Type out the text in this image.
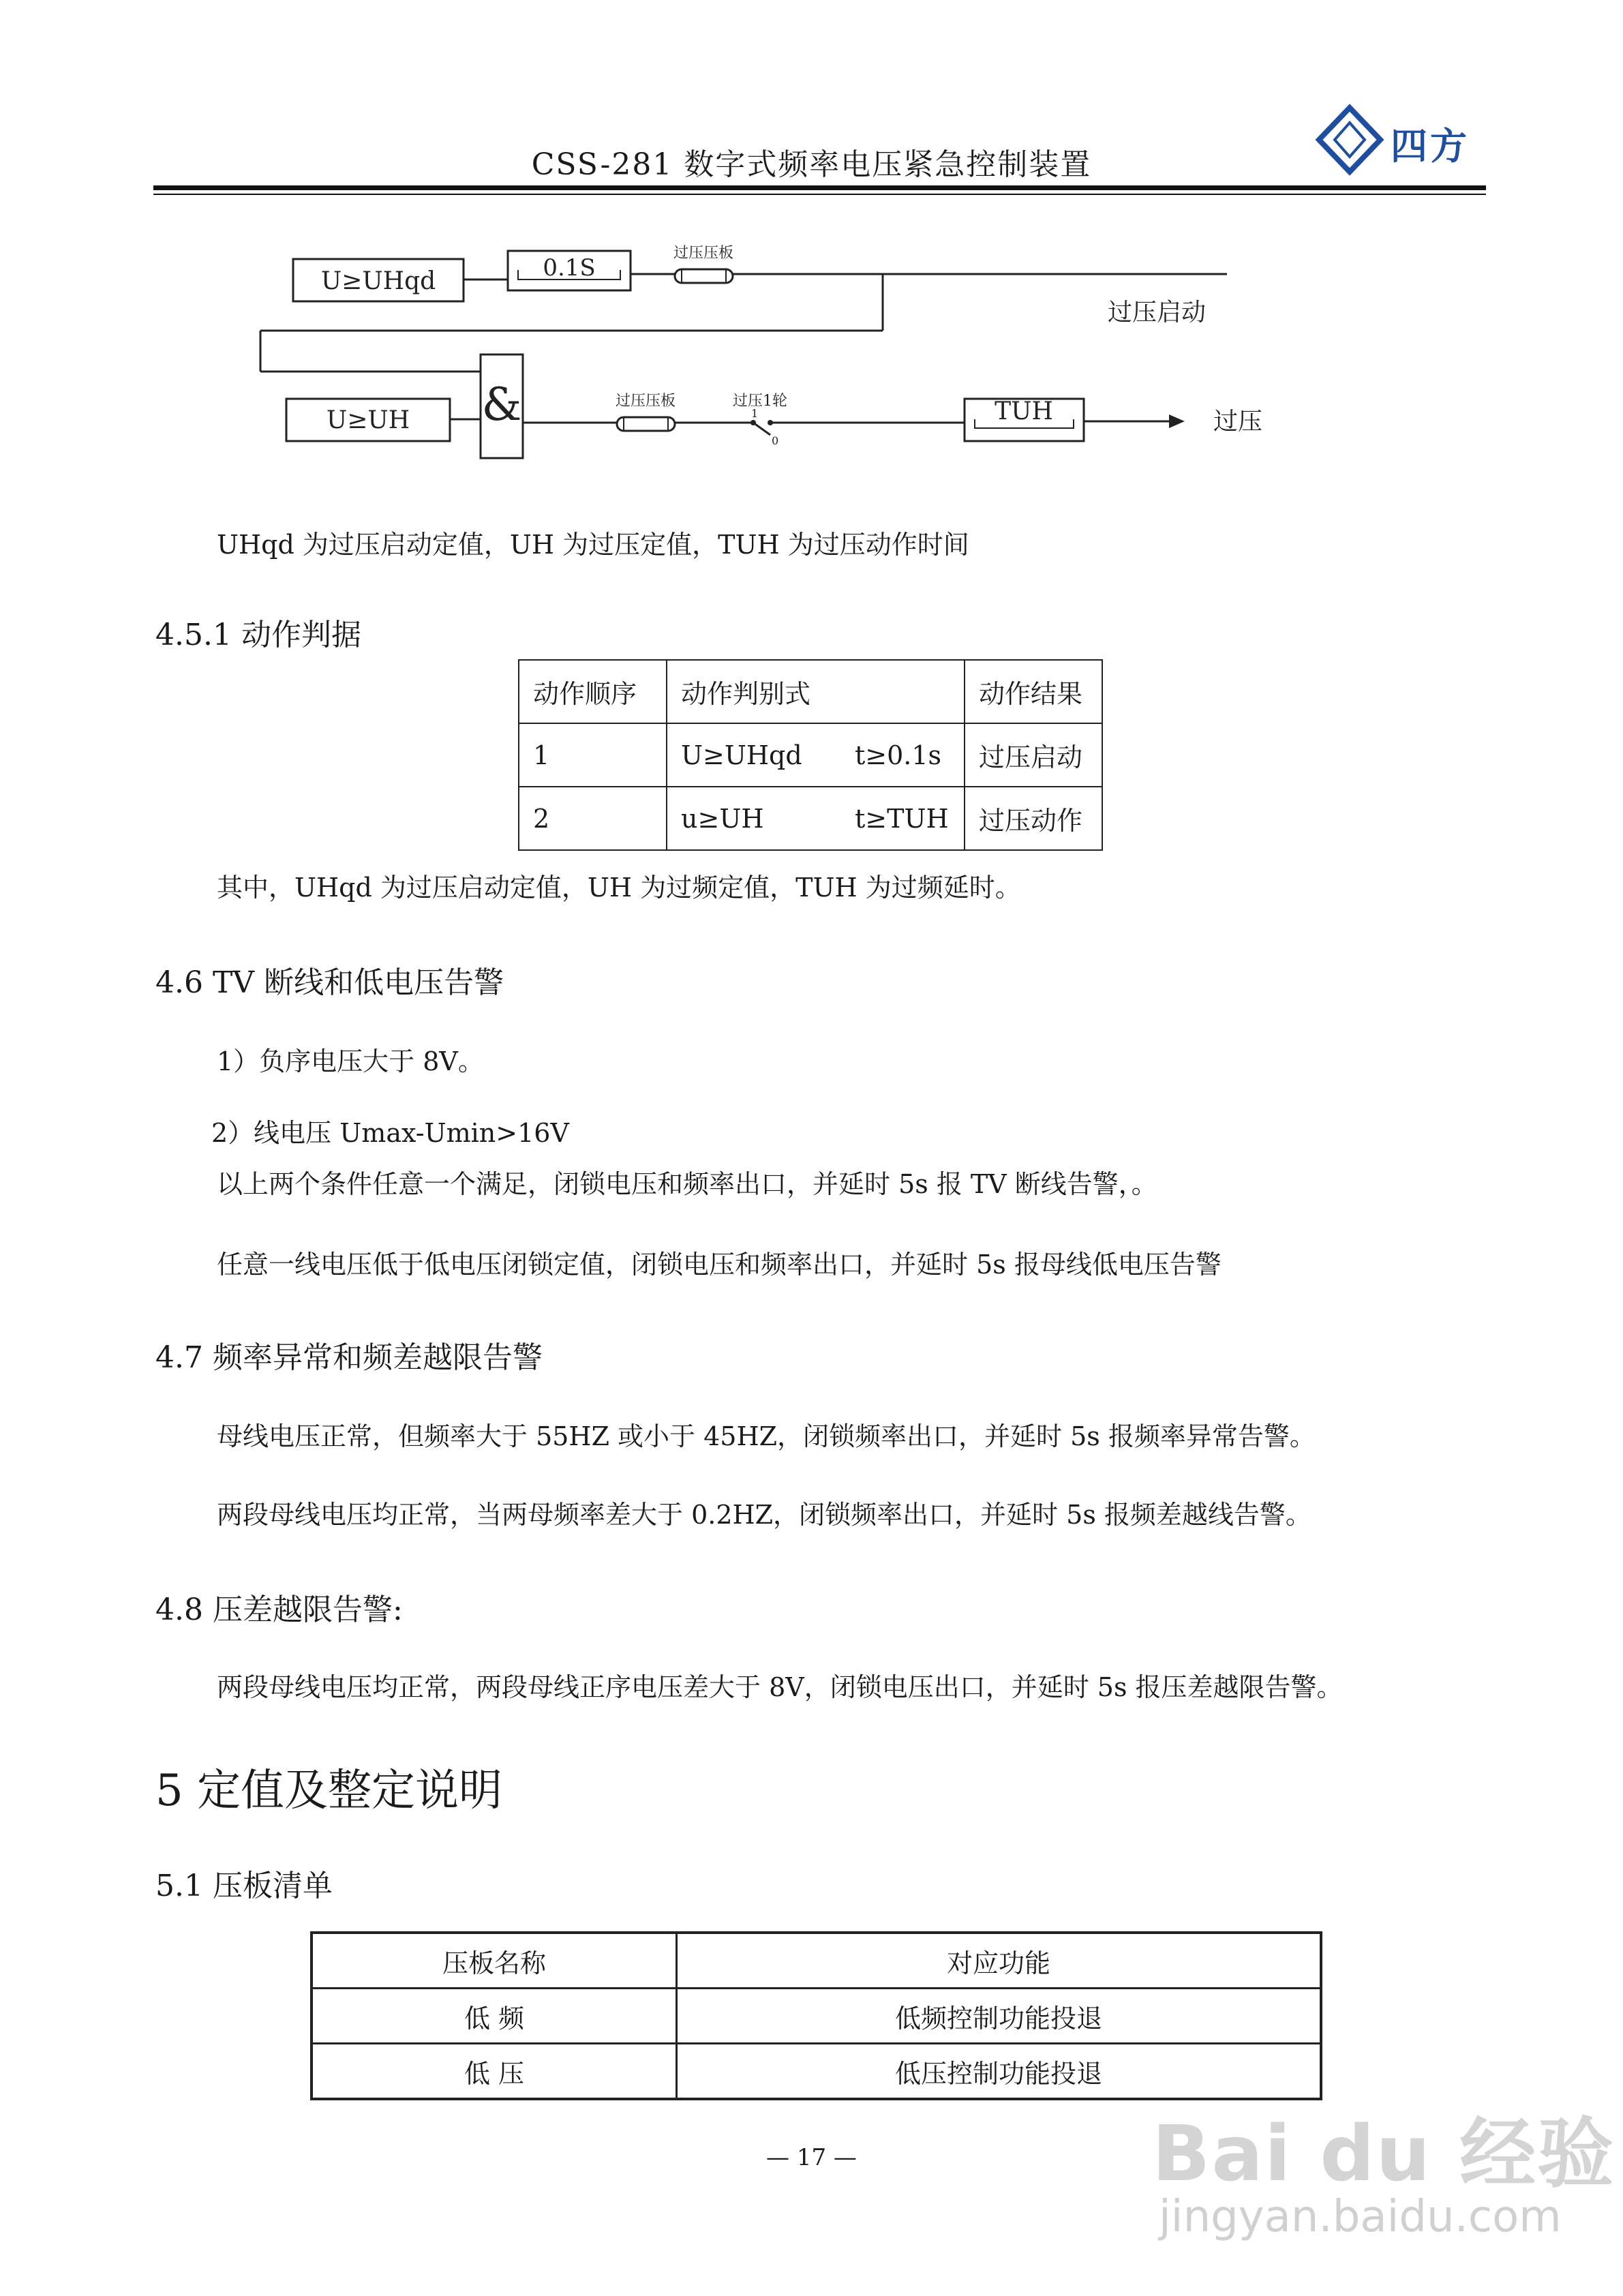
CSS-281 数字式频率电压紧急控制装置	四方
U≥UHqd	0.1S
过压压板
过压启动
U≥UH &	过压压板	过压1轮
1
0
TUH	过压
UHqd 为过压启动定值，UH 为过压定值，TUH 为过压动作时间
4.5.1 动作判据
动作顺序	动作判别式	动作结果
1	U≥UHqd t≥0.1s	过压启动
2	u≥UH t≥TUH	过压动作
其中，UHqd 为过压启动定值，UH 为过频定值，TUH 为过频延时。
4.6 TV 断线和低电压告警
1）负序电压大于 8V。
2）线电压 Umax-Umin>16V
以上两个条件任意一个满足，闭锁电压和频率出口，并延时 5s 报 TV 断线告警，。
任意一线电压低于低电压闭锁定值，闭锁电压和频率出口，并延时 5s 报母线低电压告警
4.7 频率异常和频差越限告警
母线电压正常，但频率大于 55HZ 或小于 45HZ，闭锁频率出口，并延时 5s 报频率异常告警。
两段母线电压均正常，当两母频率差大于 0.2HZ，闭锁频率出口，并延时 5s 报频差越线告警。
4.8 压差越限告警:
两段母线电压均正常，两段母线正序电压差大于 8V，闭锁电压出口，并延时 5s 报压差越限告警。
5 定值及整定说明
5.1 压板清单
压板名称	对应功能
低 频	低频控制功能投退
低 压	低压控制功能投退
— 17 —	Bai du 经验
jingyan.baidu.com
